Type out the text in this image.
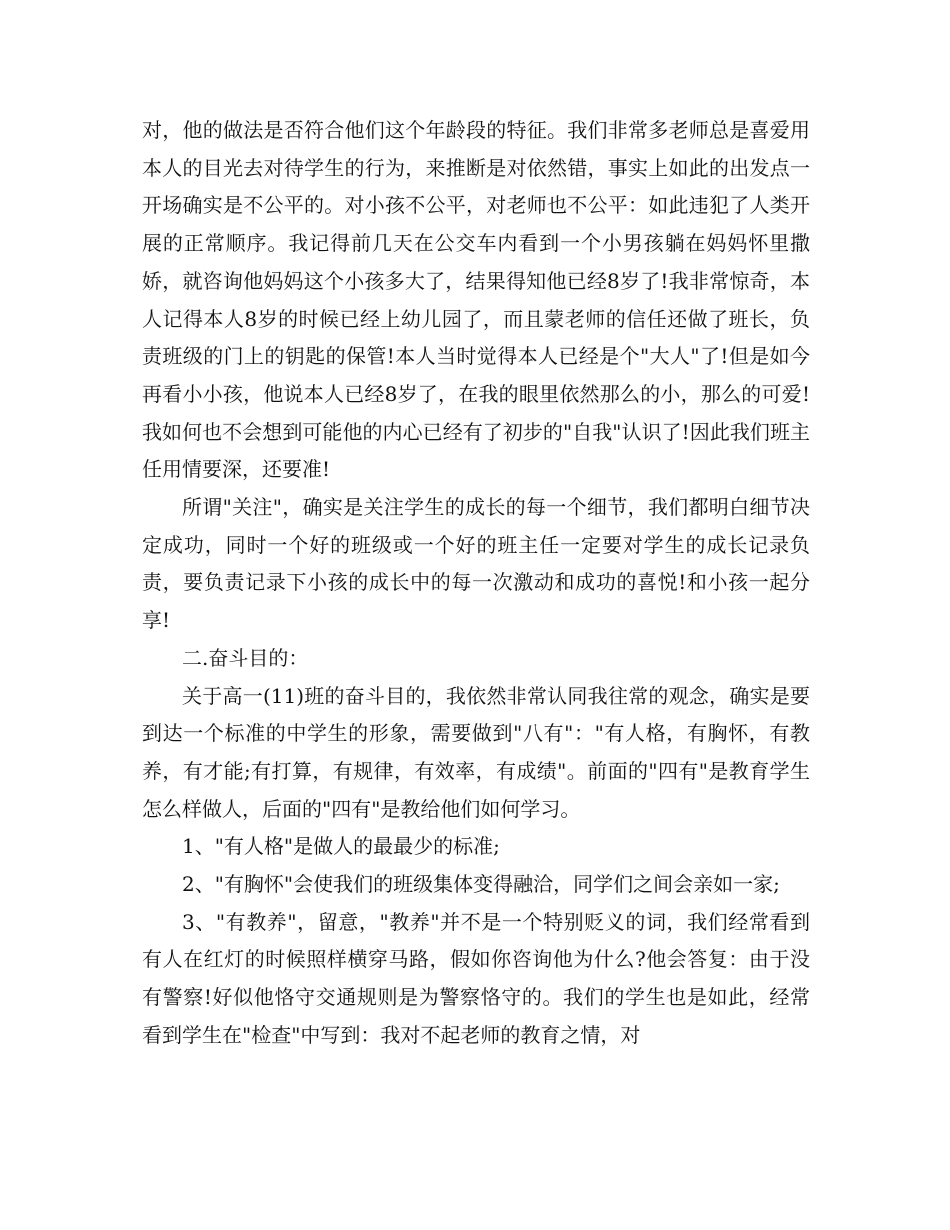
对，他的做法是否符合他们这个年龄段的特征。我们非常多老师总是喜爱用本人的目光去对待学生的行为，来推断是对依然错，事实上如此的出发点一开场确实是不公平的。对小孩不公平，对老师也不公平：如此违犯了人类开展的正常顺序。我记得前几天在公交车内看到一个小男孩躺在妈妈怀里撒娇，就咨询他妈妈这个小孩多大了，结果得知他已经8岁了!我非常惊奇，本人记得本人8岁的时候已经上幼儿园了，而且蒙老师的信任还做了班长，负责班级的门上的钥匙的保管!本人当时觉得本人已经是个"大人"了!但是如今再看小小孩，他说本人已经8岁了，在我的眼里依然那么的小，那么的可爱!我如何也不会想到可能他的内心已经有了初步的"自我"认识了!因此我们班主任用情要深，还要准!

所谓"关注"，确实是关注学生的成长的每一个细节，我们都明白细节决定成功，同时一个好的班级或一个好的班主任一定要对学生的成长记录负责，要负责记录下小孩的成长中的每一次激动和成功的喜悦!和小孩一起分享!

二.奋斗目的：

关于高一(11)班的奋斗目的，我依然非常认同我往常的观念，确实是要到达一个标准的中学生的形象，需要做到"八有"："有人格，有胸怀，有教养，有才能;有打算，有规律，有效率，有成绩"。前面的"四有"是教育学生怎么样做人，后面的"四有"是教给他们如何学习。

1、"有人格"是做人的最最少的标准;

2、"有胸怀"会使我们的班级集体变得融洽，同学们之间会亲如一家;

3、"有教养"，留意，"教养"并不是一个特别贬义的词，我们经常看到有人在红灯的时候照样横穿马路，假如你咨询他为什么?他会答复：由于没有警察!好似他恪守交通规则是为警察恪守的。我们的学生也是如此，经常看到学生在"检查"中写到：我对不起老师的教育之情，对
